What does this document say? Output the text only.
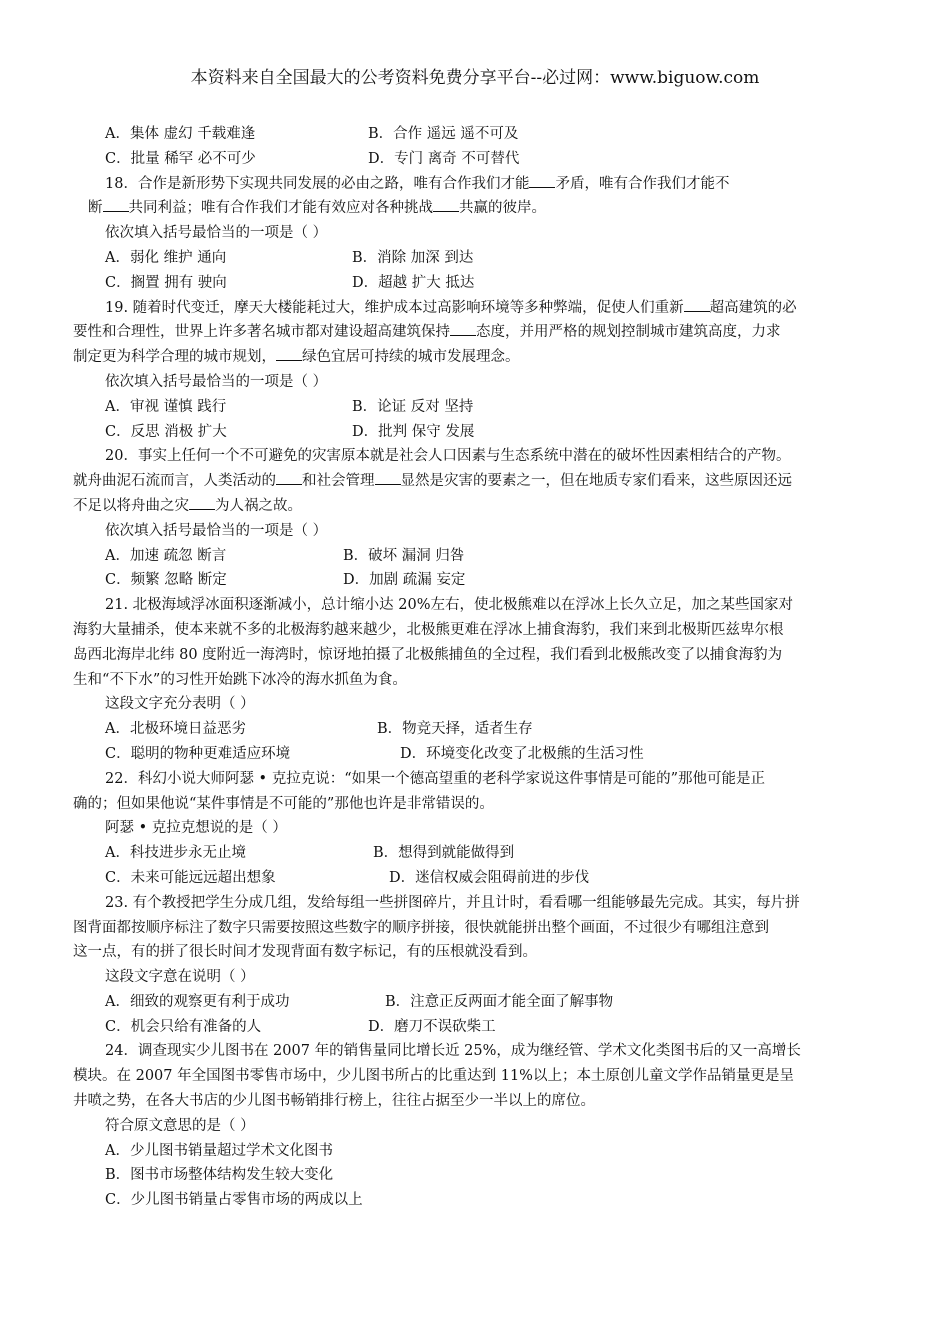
本资料来自全国最大的公考资料免费分享平台--必过网：www.biguow.com
A．集体 虚幻 千载难逢	B．合作 遥远 遥不可及
C．批量 稀罕 必不可少	D．专门 离奇 不可替代
18．合作是新形势下实现共同发展的必由之路，唯有合作我们才能 矛盾，唯有合作我们才能不
断 共同利益；唯有合作我们才能有效应对各种挑战 共赢的彼岸。
依次填入括号最恰当的一项是（ ）
A．弱化 维护 通向	B．消除 加深 到达
C．搁置 拥有 驶向	D．超越 扩大 抵达
19. 随着时代变迁，摩天大楼能耗过大，维护成本过高影响环境等多种弊端，促使人们重新 超高建筑的必
要性和合理性，世界上许多著名城市都对建设超高建筑保持 态度，并用严格的规划控制城市建筑高度，力求
制定更为科学合理的城市规划， 绿色宜居可持续的城市发展理念。
依次填入括号最恰当的一项是（ ）
A．审视 谨慎 践行	B．论证 反对 坚持
C．反思 消极 扩大	D．批判 保守 发展
20．事实上任何一个不可避免的灾害原本就是社会人口因素与生态系统中潜在的破坏性因素相结合的产物。
就舟曲泥石流而言，人类活动的 和社会管理 显然是灾害的要素之一，但在地质专家们看来，这些原因还远
不足以将舟曲之灾 为人祸之故。
依次填入括号最恰当的一项是（ ）
A．加速 疏忽 断言	B．破坏 漏洞 归咎
C．频繁 忽略 断定	D．加剧 疏漏 妄定
21. 北极海域浮冰面积逐渐减小，总计缩小达 20%左右，使北极熊难以在浮冰上长久立足，加之某些国家对
海豹大量捕杀，使本来就不多的北极海豹越来越少，北极熊更难在浮冰上捕食海豹，我们来到北极斯匹兹卑尔根
岛西北海岸北纬 80 度附近一海湾时，惊讶地拍摄了北极熊捕鱼的全过程，我们看到北极熊改变了以捕食海豹为
生和“不下水”的习性开始跳下冰冷的海水抓鱼为食。
这段文字充分表明（ ）
A．北极环境日益恶劣	B．物竞天择，适者生存
C．聪明的物种更难适应环境	D．环境变化改变了北极熊的生活习性
22．科幻小说大师阿瑟 • 克拉克说：“如果一个德高望重的老科学家说这件事情是可能的”那他可能是正
确的；但如果他说“某件事情是不可能的”那他也许是非常错误的。
阿瑟 • 克拉克想说的是（ ）
A．科技进步永无止境	B．想得到就能做得到
C．未来可能远远超出想象	D．迷信权威会阻碍前进的步伐
23. 有个教授把学生分成几组，发给每组一些拼图碎片，并且计时，看看哪一组能够最先完成。其实，每片拼
图背面都按顺序标注了数字只需要按照这些数字的顺序拼接，很快就能拼出整个画面，不过很少有哪组注意到
这一点，有的拼了很长时间才发现背面有数字标记，有的压根就没看到。
这段文字意在说明（ ）
A．细致的观察更有利于成功	B．注意正反两面才能全面了解事物
C．机会只给有准备的人	D．磨刀不误砍柴工
24．调查现实少儿图书在 2007 年的销售量同比增长近 25%，成为继经管、学术文化类图书后的又一高增长
模块。在 2007 年全国图书零售市场中，少儿图书所占的比重达到 11%以上；本土原创儿童文学作品销量更是呈
井喷之势，在各大书店的少儿图书畅销排行榜上，往往占据至少一半以上的席位。
符合原文意思的是（ ）
A．少儿图书销量超过学术文化图书
B．图书市场整体结构发生较大变化
C．少儿图书销量占零售市场的两成以上
